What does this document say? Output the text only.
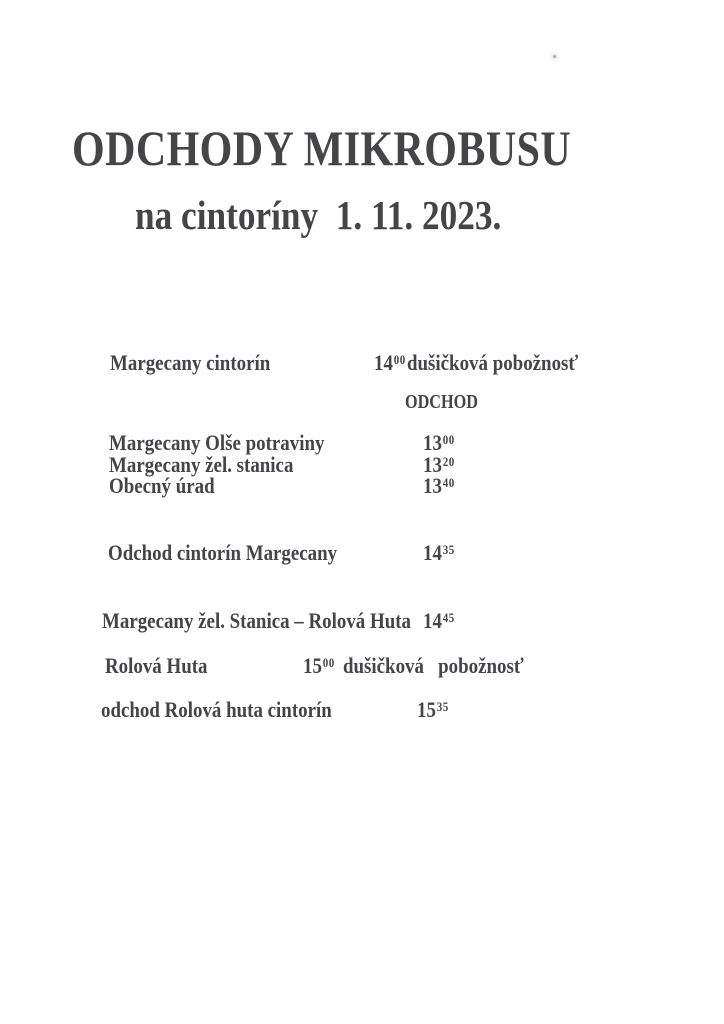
ODCHODY MIKROBUSU
na cintoríny  1. 11. 2023.
Margecany cintorín	$14^{00}$ dušičková pobožnosť
ODCHOD
Margecany Olše potraviny	$13^{00}$
Margecany žel. stanica	$13^{20}$
Obecný úrad	$13^{40}$
Odchod cintorín Margecany	$14^{35}$
Margecany žel. Stanica – Rolová Huta $14^{45}$
Rolová Huta	$15^{00}$ dušičková   pobožnosť
odchod Rolová huta cintorín	$15^{35}$
